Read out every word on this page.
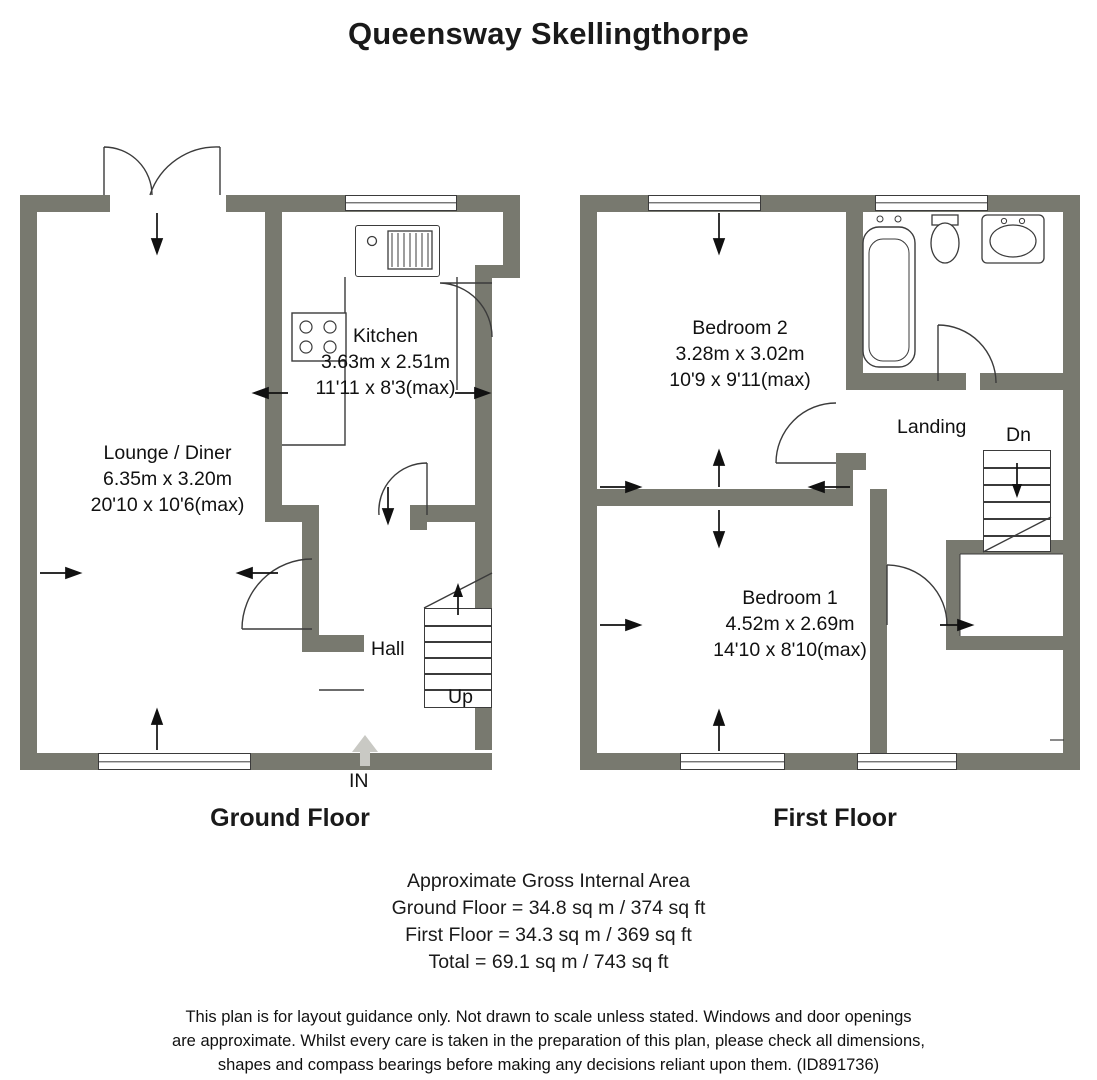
Queensway Skellingthorpe
Lounge / Diner
6.35m x 3.20m
20'10 x 10'6(max)
Kitchen
3.63m x 2.51m
11'11 x 8'3(max)
Hall
Up
IN
Ground Floor
Bedroom 2
3.28m x 3.02m
10'9 x 9'11(max)
Bedroom 1
4.52m x 2.69m
14'10 x 8'10(max)
Landing Dn
First Floor
Approximate Gross Internal Area
Ground Floor = 34.8 sq m / 374 sq ft
First Floor = 34.3 sq m / 369 sq ft
Total = 69.1 sq m / 743 sq ft
This plan is for layout guidance only. Not drawn to scale unless stated. Windows and door openings
are approximate. Whilst every care is taken in the preparation of this plan, please check all dimensions,
shapes and compass bearings before making any decisions reliant upon them. (ID891736)
